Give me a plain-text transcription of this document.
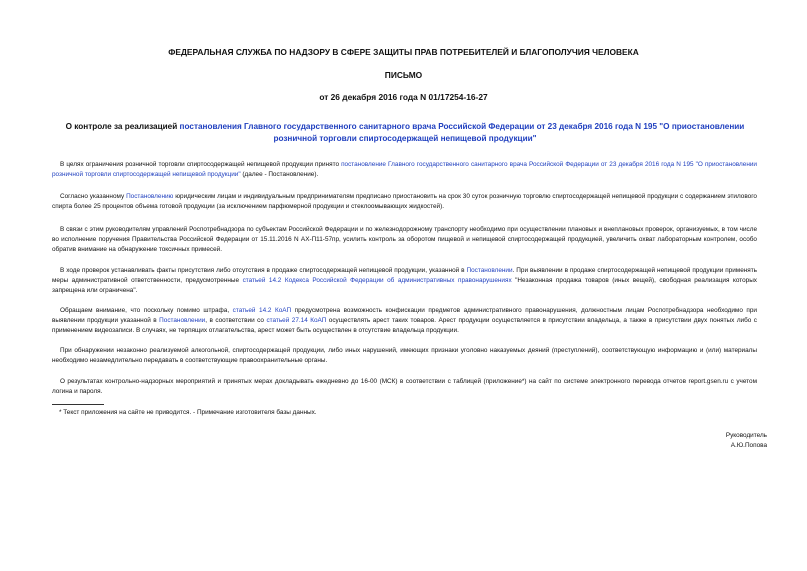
ФЕДЕРАЛЬНАЯ СЛУЖБА ПО НАДЗОРУ В СФЕРЕ ЗАЩИТЫ ПРАВ ПОТРЕБИТЕЛЕЙ И БЛАГОПОЛУЧИЯ ЧЕЛОВЕКА
ПИСЬМО
от 26 декабря 2016 года N 01/17254-16-27
О контроле за реализацией постановления Главного государственного санитарного врача Российской Федерации от 23 декабря 2016 года N 195 "О приостановлении розничной торговли спиртосодержащей непищевой продукции"

В целях ограничения розничной торговли спиртосодержащей непищевой продукции принято постановление Главного государственного санитарного врача Российской Федерации от 23 декабря 2016 года N 195 "О приостановлении розничной торговли спиртосодержащей непищевой продукции" (далее - Постановление).

Согласно указанному Постановлению юридическим лицам и индивидуальным предпринимателям предписано приостановить на срок 30 суток розничную торговлю спиртосодержащей непищевой продукции с содержанием этилового спирта более 25 процентов объема готовой продукции (за исключением парфюмерной продукции и стеклоомывающих жидкостей).

В связи с этим руководителям управлений Роспотребнадзора по субъектам Российской Федерации и по железнодорожному транспорту необходимо при осуществлении плановых и внеплановых проверок, организуемых, в том числе во исполнение поручения Правительства Российской Федерации от 15.11.2016 N АХ-П11-57пр, усилить контроль за оборотом пищевой и непищевой спиртосодержащей продукцией, увеличить охват лабораторным контролем, особо обратив внимание на обнаружение токсичных примесей.

В ходе проверок устанавливать факты присутствия либо отсутствия в продаже спиртосодержащей непищевой продукции, указанной в Постановлении. При выявлении в продаже спиртосодержащей непищевой продукции применять меры административной ответственности, предусмотренные статьей 14.2 Кодекса Российской Федерации об административных правонарушениях "Незаконная продажа товаров (иных вещей), свободная реализация которых запрещена или ограничена".

Обращаем внимание, что поскольку помимо штрафа, статьей 14.2 КоАП предусмотрена возможность конфискации предметов административного правонарушения, должностным лицам Роспотребнадзора необходимо при выявлении продукции указанной в Постановлении, в соответствии со статьей 27.14 КоАП осуществлять арест таких товаров. Арест продукции осуществляется в присутствии владельца, а также в присутствии двух понятых либо с применением видеозаписи. В случаях, не терпящих отлагательства, арест может быть осуществлен в отсутствие владельца продукции.

При обнаружении незаконно реализуемой алкогольной, спиртосодержащей продукции, либо иных нарушений, имеющих признаки уголовно наказуемых деяний (преступлений), соответствующую информацию и (или) материалы необходимо незамедлительно передавать в соответствующие правоохранительные органы.

О результатах контрольно-надзорных мероприятий и принятых мерах докладывать ежедневно до 16-00 (МСК) в соответствии с таблицей (приложение*) на сайт по системе электронного перевода отчетов report.gsen.ru с учетом логина и пароля.

* Текст приложения на сайте не приводится. - Примечание изготовителя базы данных.
Руководитель
А.Ю.Попова
